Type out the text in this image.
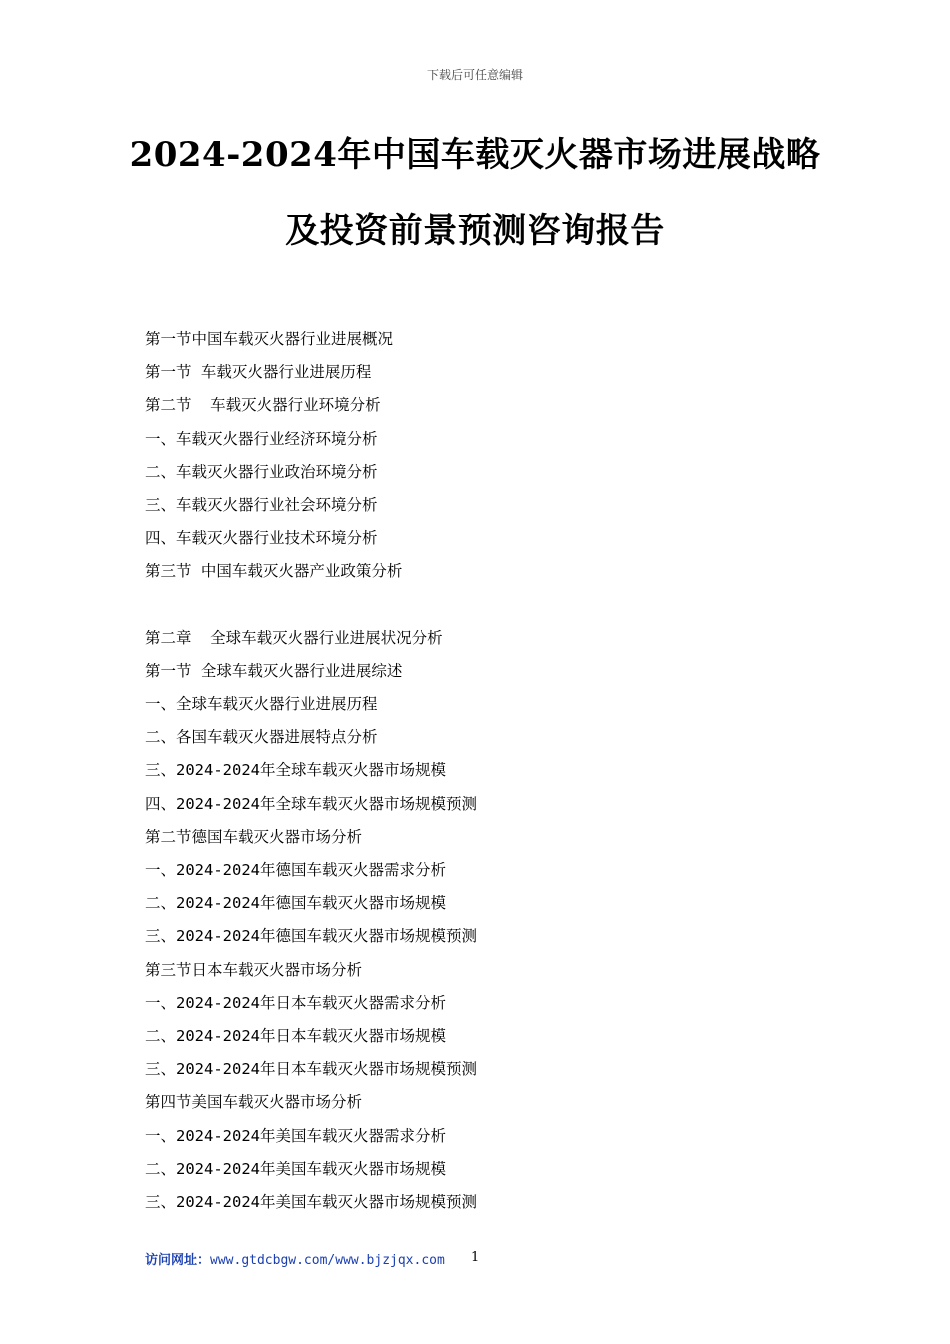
下载后可任意编辑
2024-2024年中国车载灭火器市场进展战略
及投资前景预测咨询报告
第一节中国车载灭火器行业进展概况
第一节 车载灭火器行业进展历程
第二节  车载灭火器行业环境分析
一、车载灭火器行业经济环境分析
二、车载灭火器行业政治环境分析
三、车载灭火器行业社会环境分析
四、车载灭火器行业技术环境分析
第三节 中国车载灭火器产业政策分析
第二章  全球车载灭火器行业进展状况分析
第一节 全球车载灭火器行业进展综述
一、全球车载灭火器行业进展历程
二、各国车载灭火器进展特点分析
三、2024-2024年全球车载灭火器市场规模
四、2024-2024年全球车载灭火器市场规模预测
第二节德国车载灭火器市场分析
一、2024-2024年德国车载灭火器需求分析
二、2024-2024年德国车载灭火器市场规模
三、2024-2024年德国车载灭火器市场规模预测
第三节日本车载灭火器市场分析
一、2024-2024年日本车载灭火器需求分析
二、2024-2024年日本车载灭火器市场规模
三、2024-2024年日本车载灭火器市场规模预测
第四节美国车载灭火器市场分析
一、2024-2024年美国车载灭火器需求分析
二、2024-2024年美国车载灭火器市场规模
三、2024-2024年美国车载灭火器市场规模预测
访问网址：www.gtdcbgw.com/www.bjzjqx.com 1
